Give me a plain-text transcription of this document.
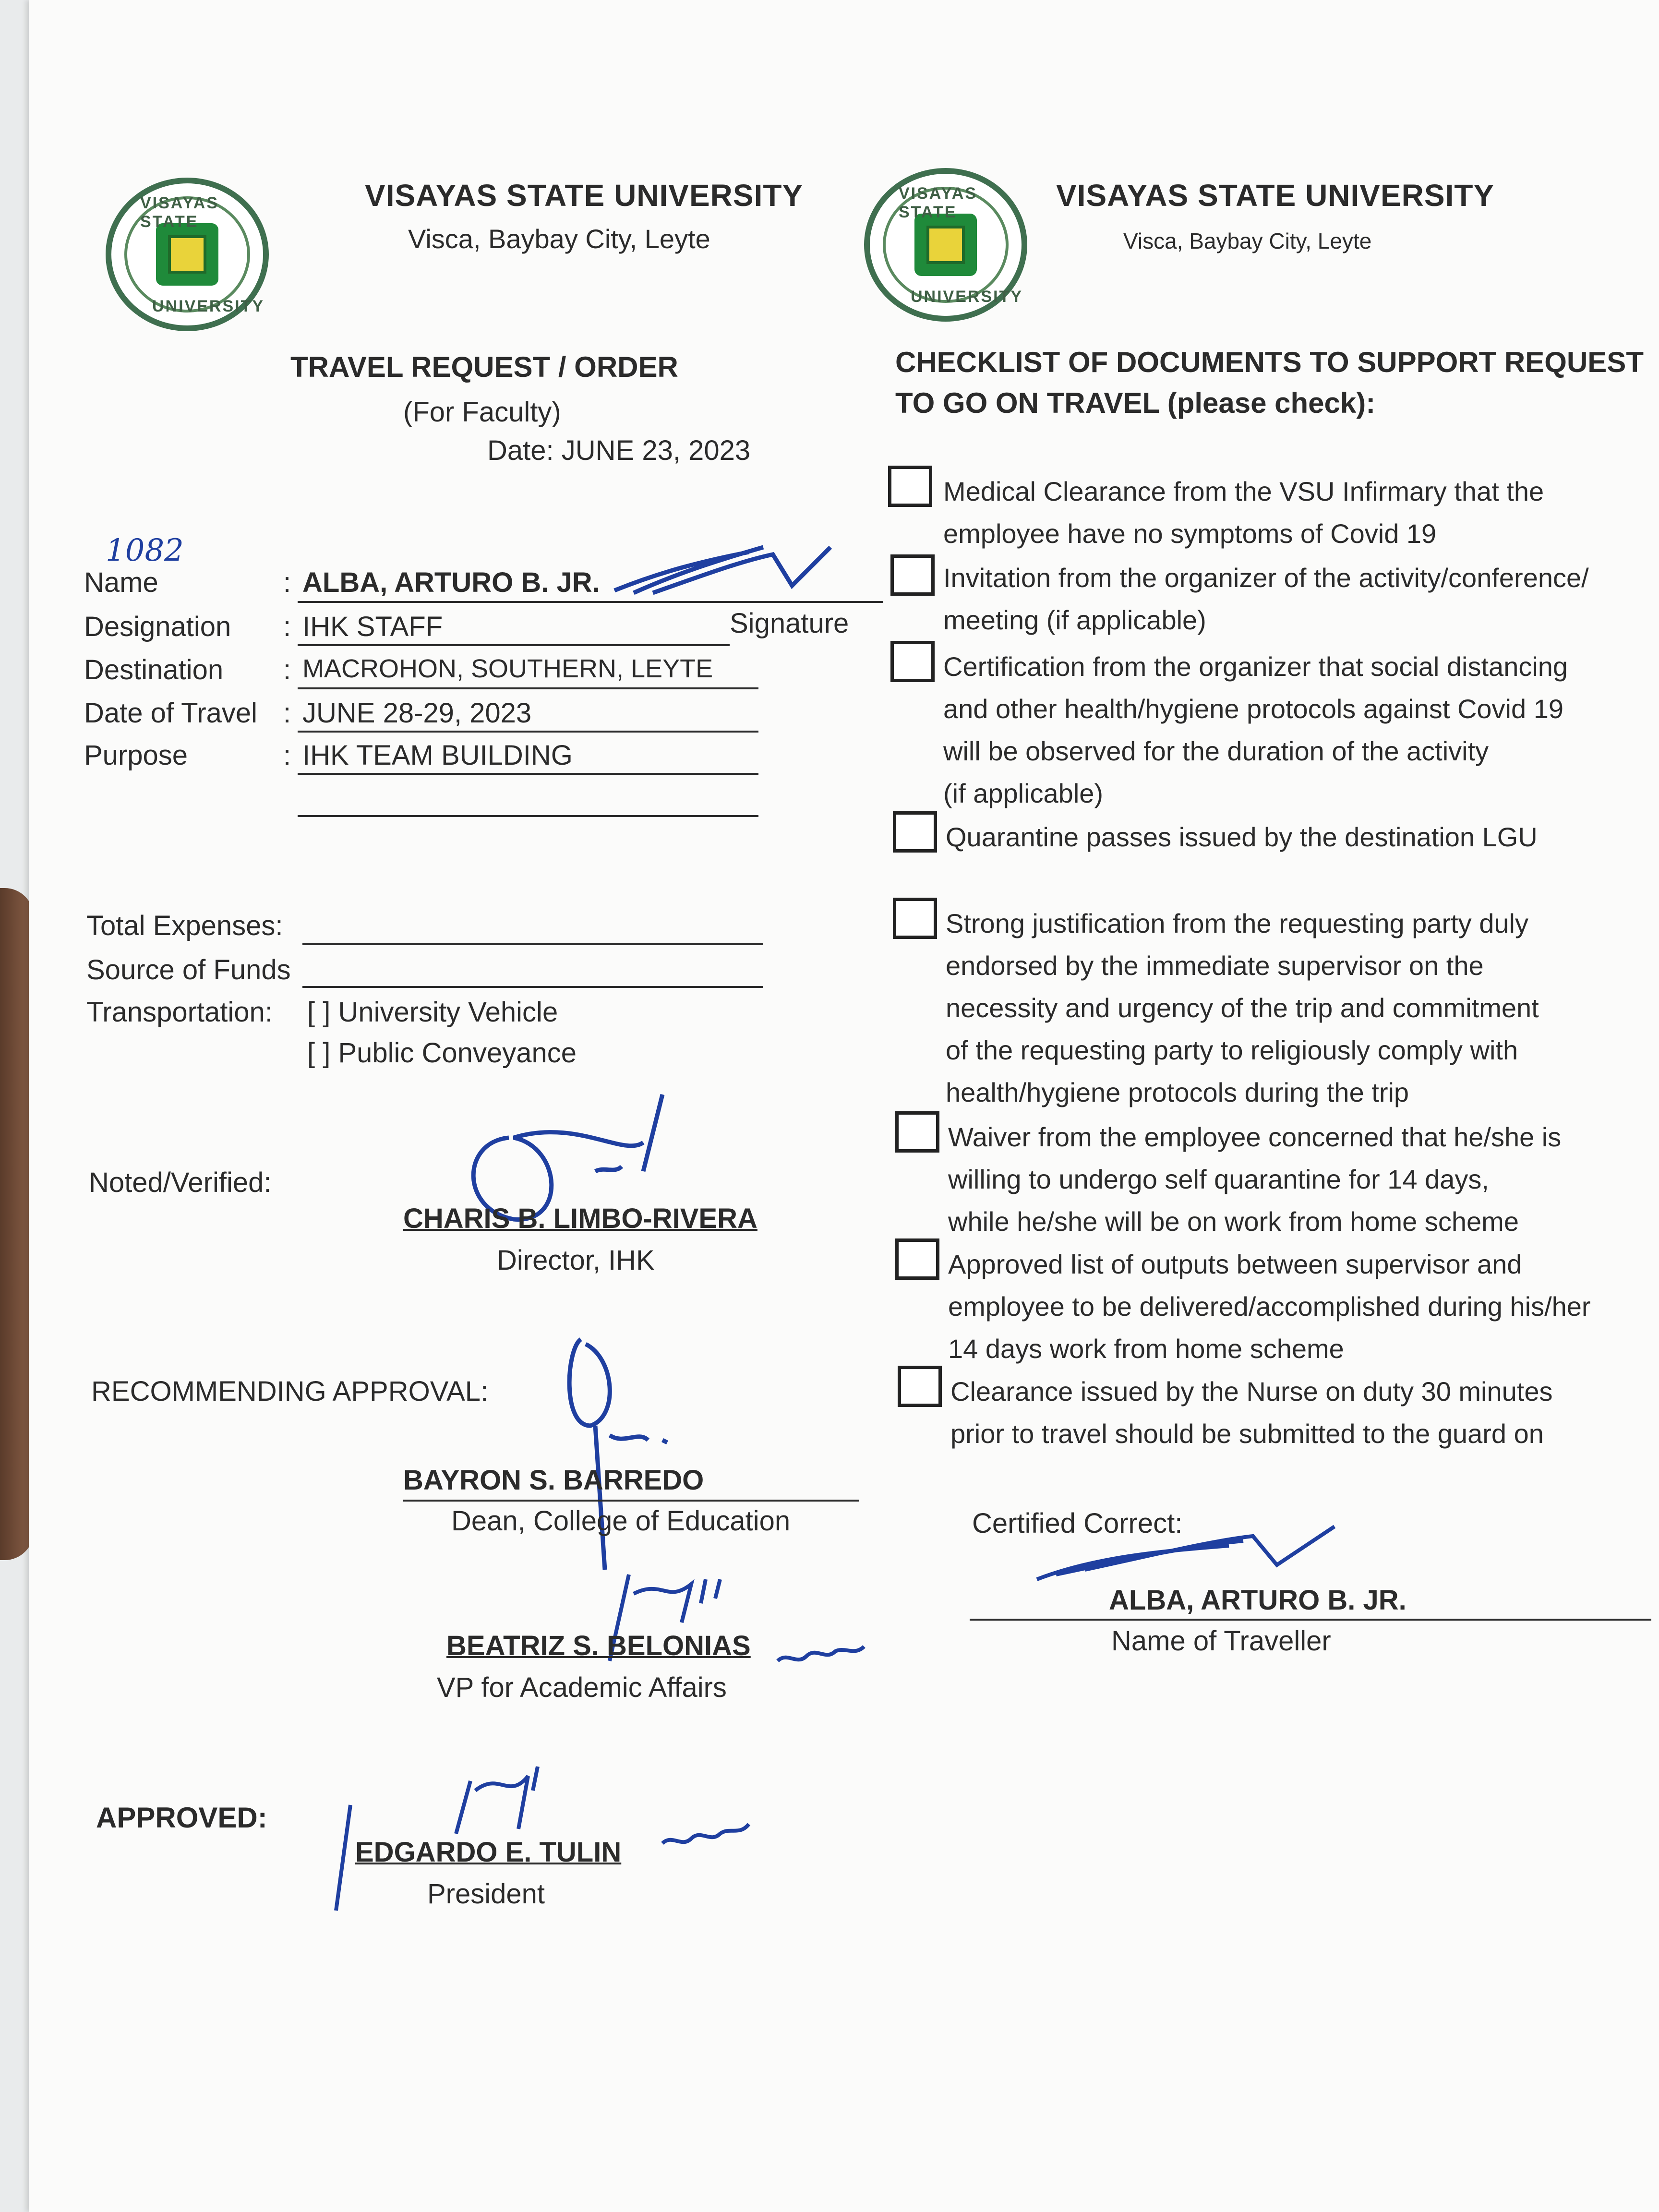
VISAYAS STATE
UNIVERSITY
VISAYAS STATE UNIVERSITY
Visca, Baybay City, Leyte
TRAVEL REQUEST / ORDER
(For Faculty)
Date: JUNE 23, 2023
1082
Name	: ALBA, ARTURO B. JR.
Signature
Designation : IHK STAFF
Destination : MACROHON, SOUTHERN, LEYTE
Date of Travel : JUNE 28-29, 2023
Purpose	: IHK TEAM BUILDING
Total Expenses:
Source of Funds
Transportation: [ ] University Vehicle
[ ] Public Conveyance
Noted/Verified:
CHARIS B. LIMBO-RIVERA
Director, IHK
RECOMMENDING APPROVAL:
BAYRON S. BARREDO
Dean, College of Education
BEATRIZ S. BELONIAS
VP for Academic Affairs
APPROVED:
EDGARDO E. TULIN
President
VISAYAS STATE
UNIVERSITY
VISAYAS STATE UNIVERSITY
Visca, Baybay City, Leyte
CHECKLIST OF DOCUMENTS TO SUPPORT REQUEST
TO GO ON TRAVEL (please check):
Medical Clearance from the VSU Infirmary that the
employee have no symptoms of Covid 19
Invitation from the organizer of the activity/conference/
meeting (if applicable)
Certification from the organizer that social distancing
and other health/hygiene protocols against Covid 19
will be observed for the duration of the activity
(if applicable)
Quarantine passes issued by the destination LGU
Strong justification from the requesting party duly
endorsed by the immediate supervisor on the
necessity and urgency of the trip and commitment
of the requesting party to religiously comply with
health/hygiene protocols during the trip
Waiver from the employee concerned that he/she is
willing to undergo self quarantine for 14 days,
while he/she will be on work from home scheme
Approved list of outputs between supervisor and
employee to be delivered/accomplished during his/her
14 days work from home scheme
Clearance issued by the Nurse on duty 30 minutes
prior to travel should be submitted to the guard on
Certified Correct:
ALBA, ARTURO B. JR.
Name of Traveller
